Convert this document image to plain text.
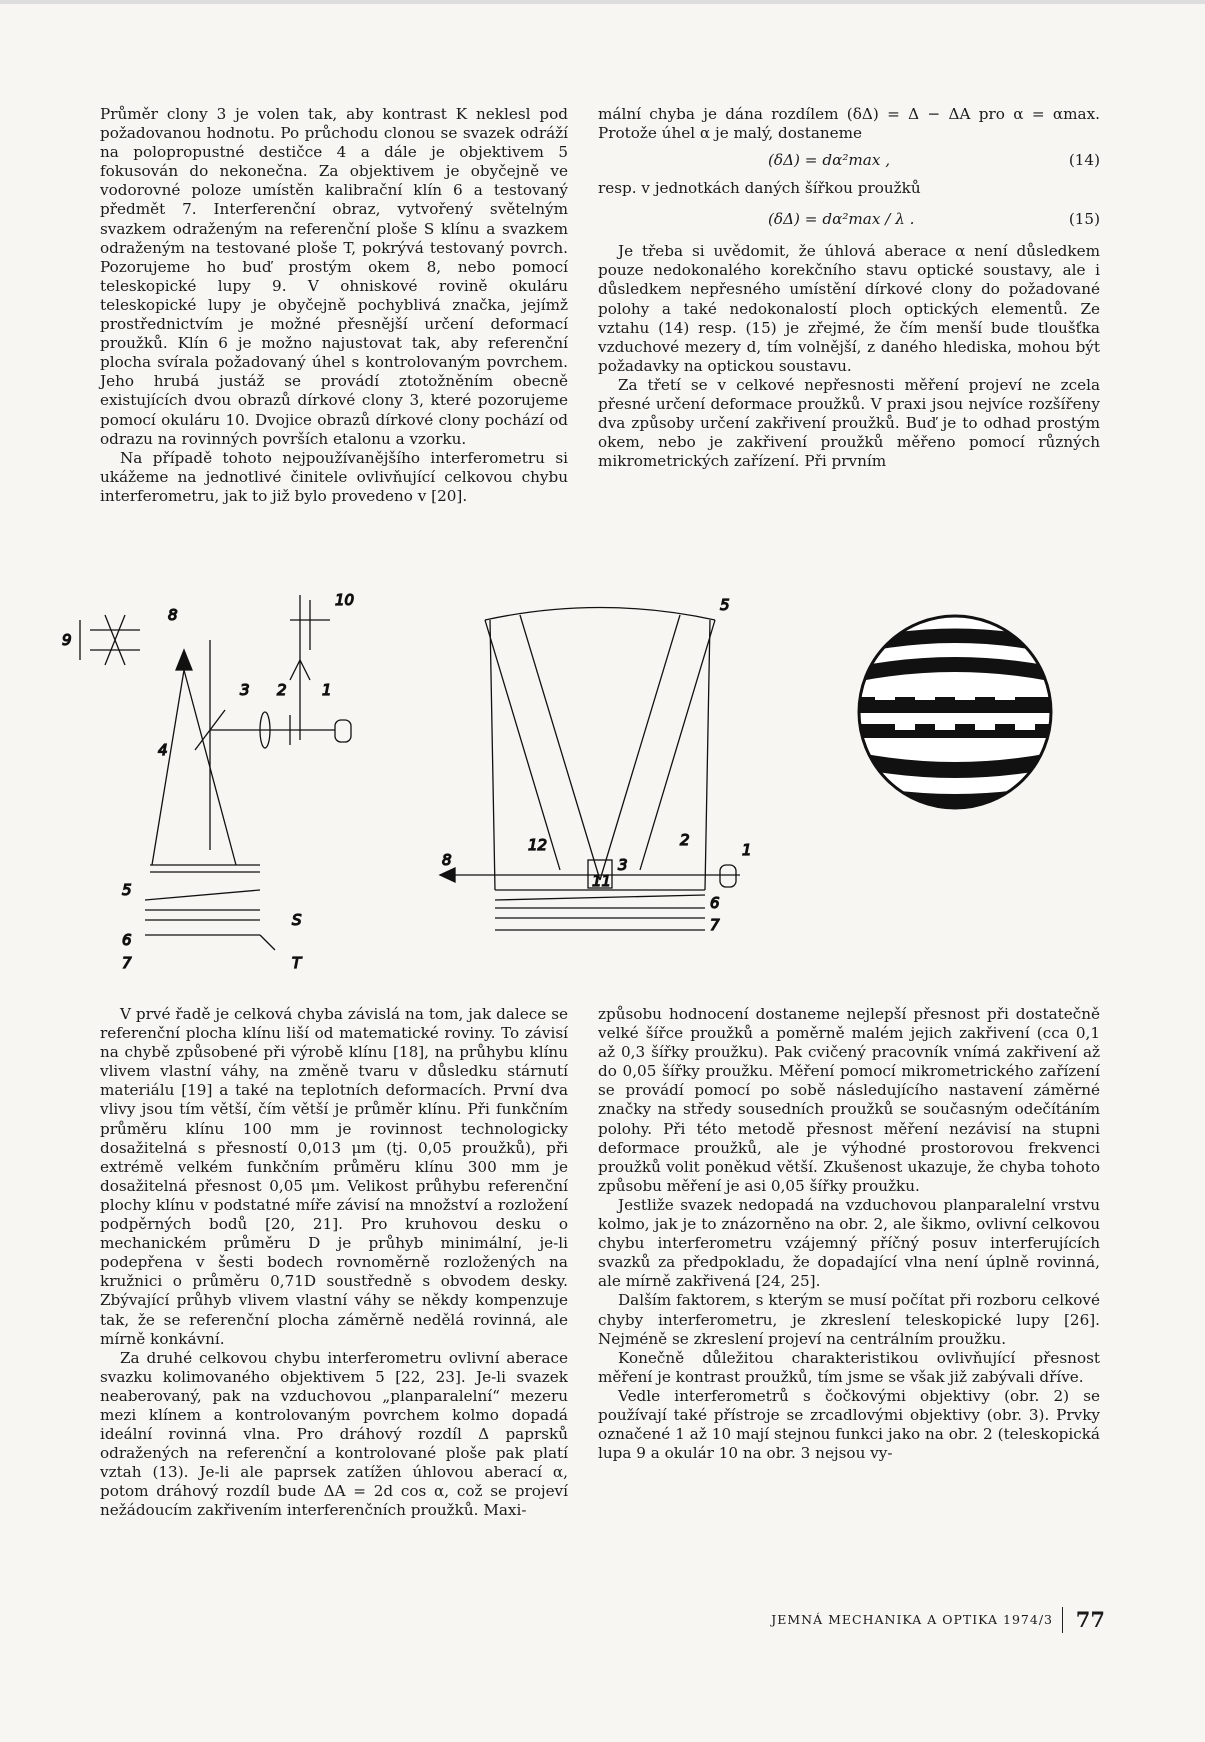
Průměr clony 3 je volen tak, aby kontrast K neklesl pod požadovanou hodnotu. Po průchodu clonou se svazek odráží na polopropustné destičce 4 a dále je objektivem 5 fokusován do nekonečna. Za objektivem je obyčejně ve vodorovné poloze umístěn kalibrační klín 6 a testovaný předmět 7. Interferenční obraz, vytvořený světelným svazkem odraženým na referenční ploše S klínu a svazkem odraženým na testované ploše T, pokrývá testovaný povrch. Pozorujeme ho buď prostým okem 8, nebo pomocí teleskopické lupy 9. V ohniskové rovině okuláru teleskopické lupy je obyčejně pochyblivá značka, jejímž prostřednictvím je možné přesnější určení deformací proužků. Klín 6 je možno najustovat tak, aby referenční plocha svírala požadovaný úhel s kontrolovaným povrchem. Jeho hrubá justáž se provádí ztotožněním obecně existujících dvou obrazů dírkové clony 3, které pozorujeme pomocí okuláru 10. Dvojice obrazů dírkové clony pochází od odrazu na rovinných površích etalonu a vzorku.

Na případě tohoto nejpoužívanějšího interferometru si ukážeme na jednotlivé činitele ovlivňující celkovou chybu interferometru, jak to již bylo provedeno v [20].

mální chyba je dána rozdílem (δΔ) = Δ − ΔA pro α = αmax. Protože úhel α je malý, dostaneme

(δΔ) = dα²max ,	(14)

resp. v jednotkách daných šířkou proužků

(δΔ) = dα²max / λ .	(15)

Je třeba si uvědomit, že úhlová aberace α není důsledkem pouze nedokonalého korekčního stavu optické soustavy, ale i důsledkem nepřesného umístění dírkové clony do požadované polohy a také nedokonalostí ploch optických elementů. Ze vztahu (14) resp. (15) je zřejmé, že čím menší bude tloušťka vzduchové mezery d, tím volnější, z daného hlediska, mohou být požadavky na optickou soustavu.

Za třetí se v celkové nepřesnosti měření projeví ne zcela přesné určení deformace proužků. V praxi jsou nejvíce rozšířeny dva způsoby určení zakřivení proužků. Buď je to odhad prostým okem, nebo je zakřivení proužků měřeno pomocí různých mikrometrických zařízení. Při prvním

9
8
10
3 2 1
4
5
S
6
7	T
5
12	2
8	3
1
11
6
7

V prvé řadě je celková chyba závislá na tom, jak dalece se referenční plocha klínu liší od matematické roviny. To závisí na chybě způsobené při výrobě klínu [18], na průhybu klínu vlivem vlastní váhy, na změně tvaru v důsledku stárnutí materiálu [19] a také na teplotních deformacích. První dva vlivy jsou tím větší, čím větší je průměr klínu. Při funkčním průměru klínu 100 mm je rovinnost technologicky dosažitelná s přesností 0,013 μm (tj. 0,05 proužků), při extrémě velkém funkčním průměru klínu 300 mm je dosažitelná přesnost 0,05 μm. Velikost průhybu referenční plochy klínu v podstatné míře závisí na množství a rozložení podpěrných bodů [20, 21]. Pro kruhovou desku o mechanickém průměru D je průhyb minimální, je-li podepřena v šesti bodech rovnoměrně rozložených na kružnici o průměru 0,71D soustředně s obvodem desky. Zbývající průhyb vlivem vlastní váhy se někdy kompenzuje tak, že se referenční plocha záměrně nedělá rovinná, ale mírně konkávní.

Za druhé celkovou chybu interferometru ovlivní aberace svazku kolimovaného objektivem 5 [22, 23]. Je-li svazek neaberovaný, pak na vzduchovou „planparalelní“ mezeru mezi klínem a kontrolovaným povrchem kolmo dopadá ideální rovinná vlna. Pro dráhový rozdíl Δ paprsků odražených na referenční a kontrolované ploše pak platí vztah (13). Je-li ale paprsek zatížen úhlovou aberací α, potom dráhový rozdíl bude ΔA = 2d cos α, což se projeví nežádoucím zakřivením interferenčních proužků. Maxi-

způsobu hodnocení dostaneme nejlepší přesnost při dostatečně velké šířce proužků a poměrně malém jejich zakřivení (cca 0,1 až 0,3 šířky proužku). Pak cvičený pracovník vnímá zakřivení až do 0,05 šířky proužku. Měření pomocí mikrometrického zařízení se provádí pomocí po sobě následujícího nastavení záměrné značky na středy sousedních proužků se současným odečítáním polohy. Při této metodě přesnost měření nezávisí na stupni deformace proužků, ale je výhodné prostorovou frekvenci proužků volit poněkud větší. Zkušenost ukazuje, že chyba tohoto způsobu měření je asi 0,05 šířky proužku.

Jestliže svazek nedopadá na vzduchovou planparalelní vrstvu kolmo, jak je to znázorněno na obr. 2, ale šikmo, ovlivní celkovou chybu interferometru vzájemný příčný posuv interferujících svazků za předpokladu, že dopadající vlna není úplně rovinná, ale mírně zakřivená [24, 25].

Dalším faktorem, s kterým se musí počítat při rozboru celkové chyby interferometru, je zkreslení teleskopické lupy [26]. Nejméně se zkreslení projeví na centrálním proužku.

Konečně důležitou charakteristikou ovlivňující přesnost měření je kontrast proužků, tím jsme se však již zabývali dříve.

Vedle interferometrů s čočkovými objektivy (obr. 2) se používají také přístroje se zrcadlovými objektivy (obr. 3). Prvky označené 1 až 10 mají stejnou funkci jako na obr. 2 (teleskopická lupa 9 a okulár 10 na obr. 3 nejsou vy-

JEMNÁ MECHANIKA A OPTIKA 1974/3 77
